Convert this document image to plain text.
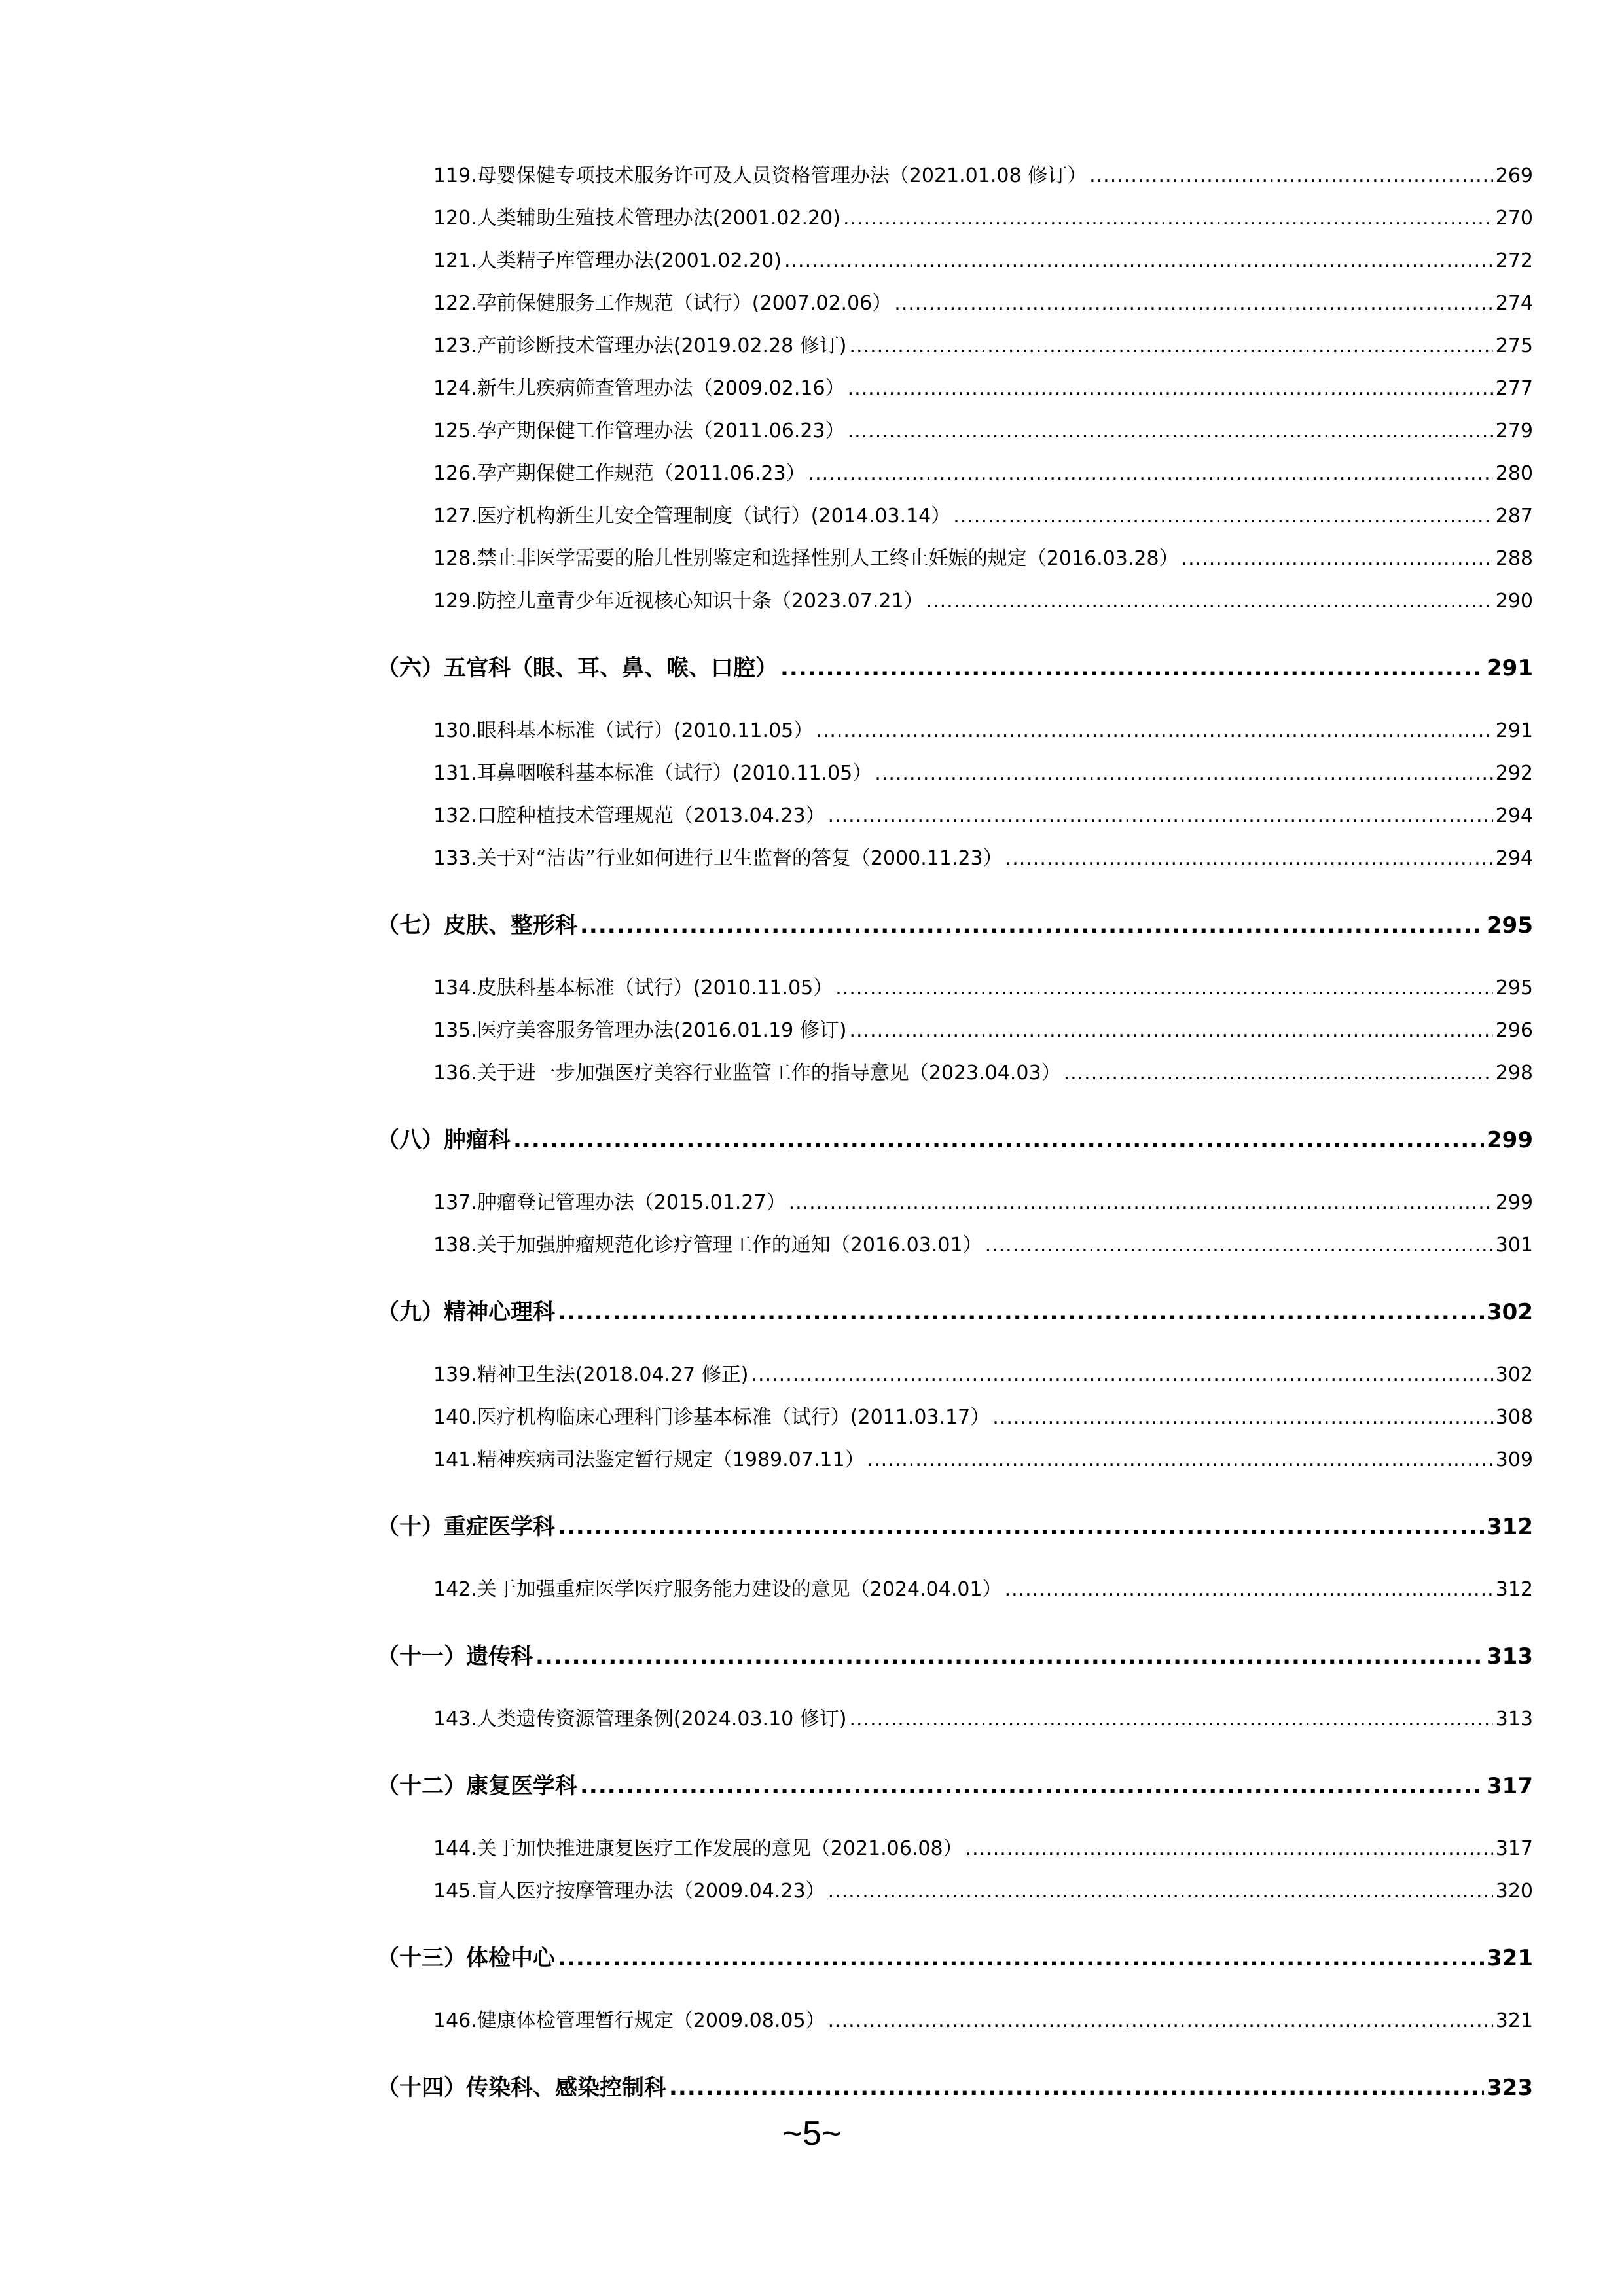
119.母婴保健专项技术服务许可及人员资格管理办法（2021.01.08 修订） .....	269
120.人类辅助生殖技术管理办法(2001.02.20) .....	270
121.人类精子库管理办法(2001.02.20) .....	272
122.孕前保健服务工作规范（试行）(2007.02.06） .....	274
123.产前诊断技术管理办法(2019.02.28 修订) .....	275
124.新生儿疾病筛查管理办法（2009.02.16） .....	277
125.孕产期保健工作管理办法（2011.06.23） .....	279
126.孕产期保健工作规范（2011.06.23） .....	280
127.医疗机构新生儿安全管理制度（试行）(2014.03.14） .....	287
128.禁止非医学需要的胎儿性别鉴定和选择性别人工终止妊娠的规定（2016.03.28） .....	288
129.防控儿童青少年近视核心知识十条（2023.07.21） .....	290
（六）五官科（眼、耳、鼻、喉、口腔） .....	291
130.眼科基本标准（试行）(2010.11.05） .....	291
131.耳鼻咽喉科基本标准（试行）(2010.11.05） .....	292
132.口腔种植技术管理规范（2013.04.23） .....	294
133.关于对“洁齿”行业如何进行卫生监督的答复（2000.11.23） .....	294
（七）皮肤、整形科 .....	295
134.皮肤科基本标准（试行）(2010.11.05） .....	295
135.医疗美容服务管理办法(2016.01.19 修订) .....	296
136.关于进一步加强医疗美容行业监管工作的指导意见（2023.04.03） .....	298
（八）肿瘤科 .....	299
137.肿瘤登记管理办法（2015.01.27） .....	299
138.关于加强肿瘤规范化诊疗管理工作的通知（2016.03.01） .....	301
（九）精神心理科 .....	302
139.精神卫生法(2018.04.27 修正) .....	302
140.医疗机构临床心理科门诊基本标准（试行）(2011.03.17） .....	308
141.精神疾病司法鉴定暂行规定（1989.07.11） .....	309
（十）重症医学科 .....	312
142.关于加强重症医学医疗服务能力建设的意见（2024.04.01） .....	312
（十一）遗传科 .....	313
143.人类遗传资源管理条例(2024.03.10 修订) .....	313
（十二）康复医学科 .....	317
144.关于加快推进康复医疗工作发展的意见（2021.06.08） .....	317
145.盲人医疗按摩管理办法（2009.04.23） .....	320
（十三）体检中心 .....	321
146.健康体检管理暂行规定（2009.08.05） .....	321
（十四）传染科、感染控制科 .....	323
~5~
